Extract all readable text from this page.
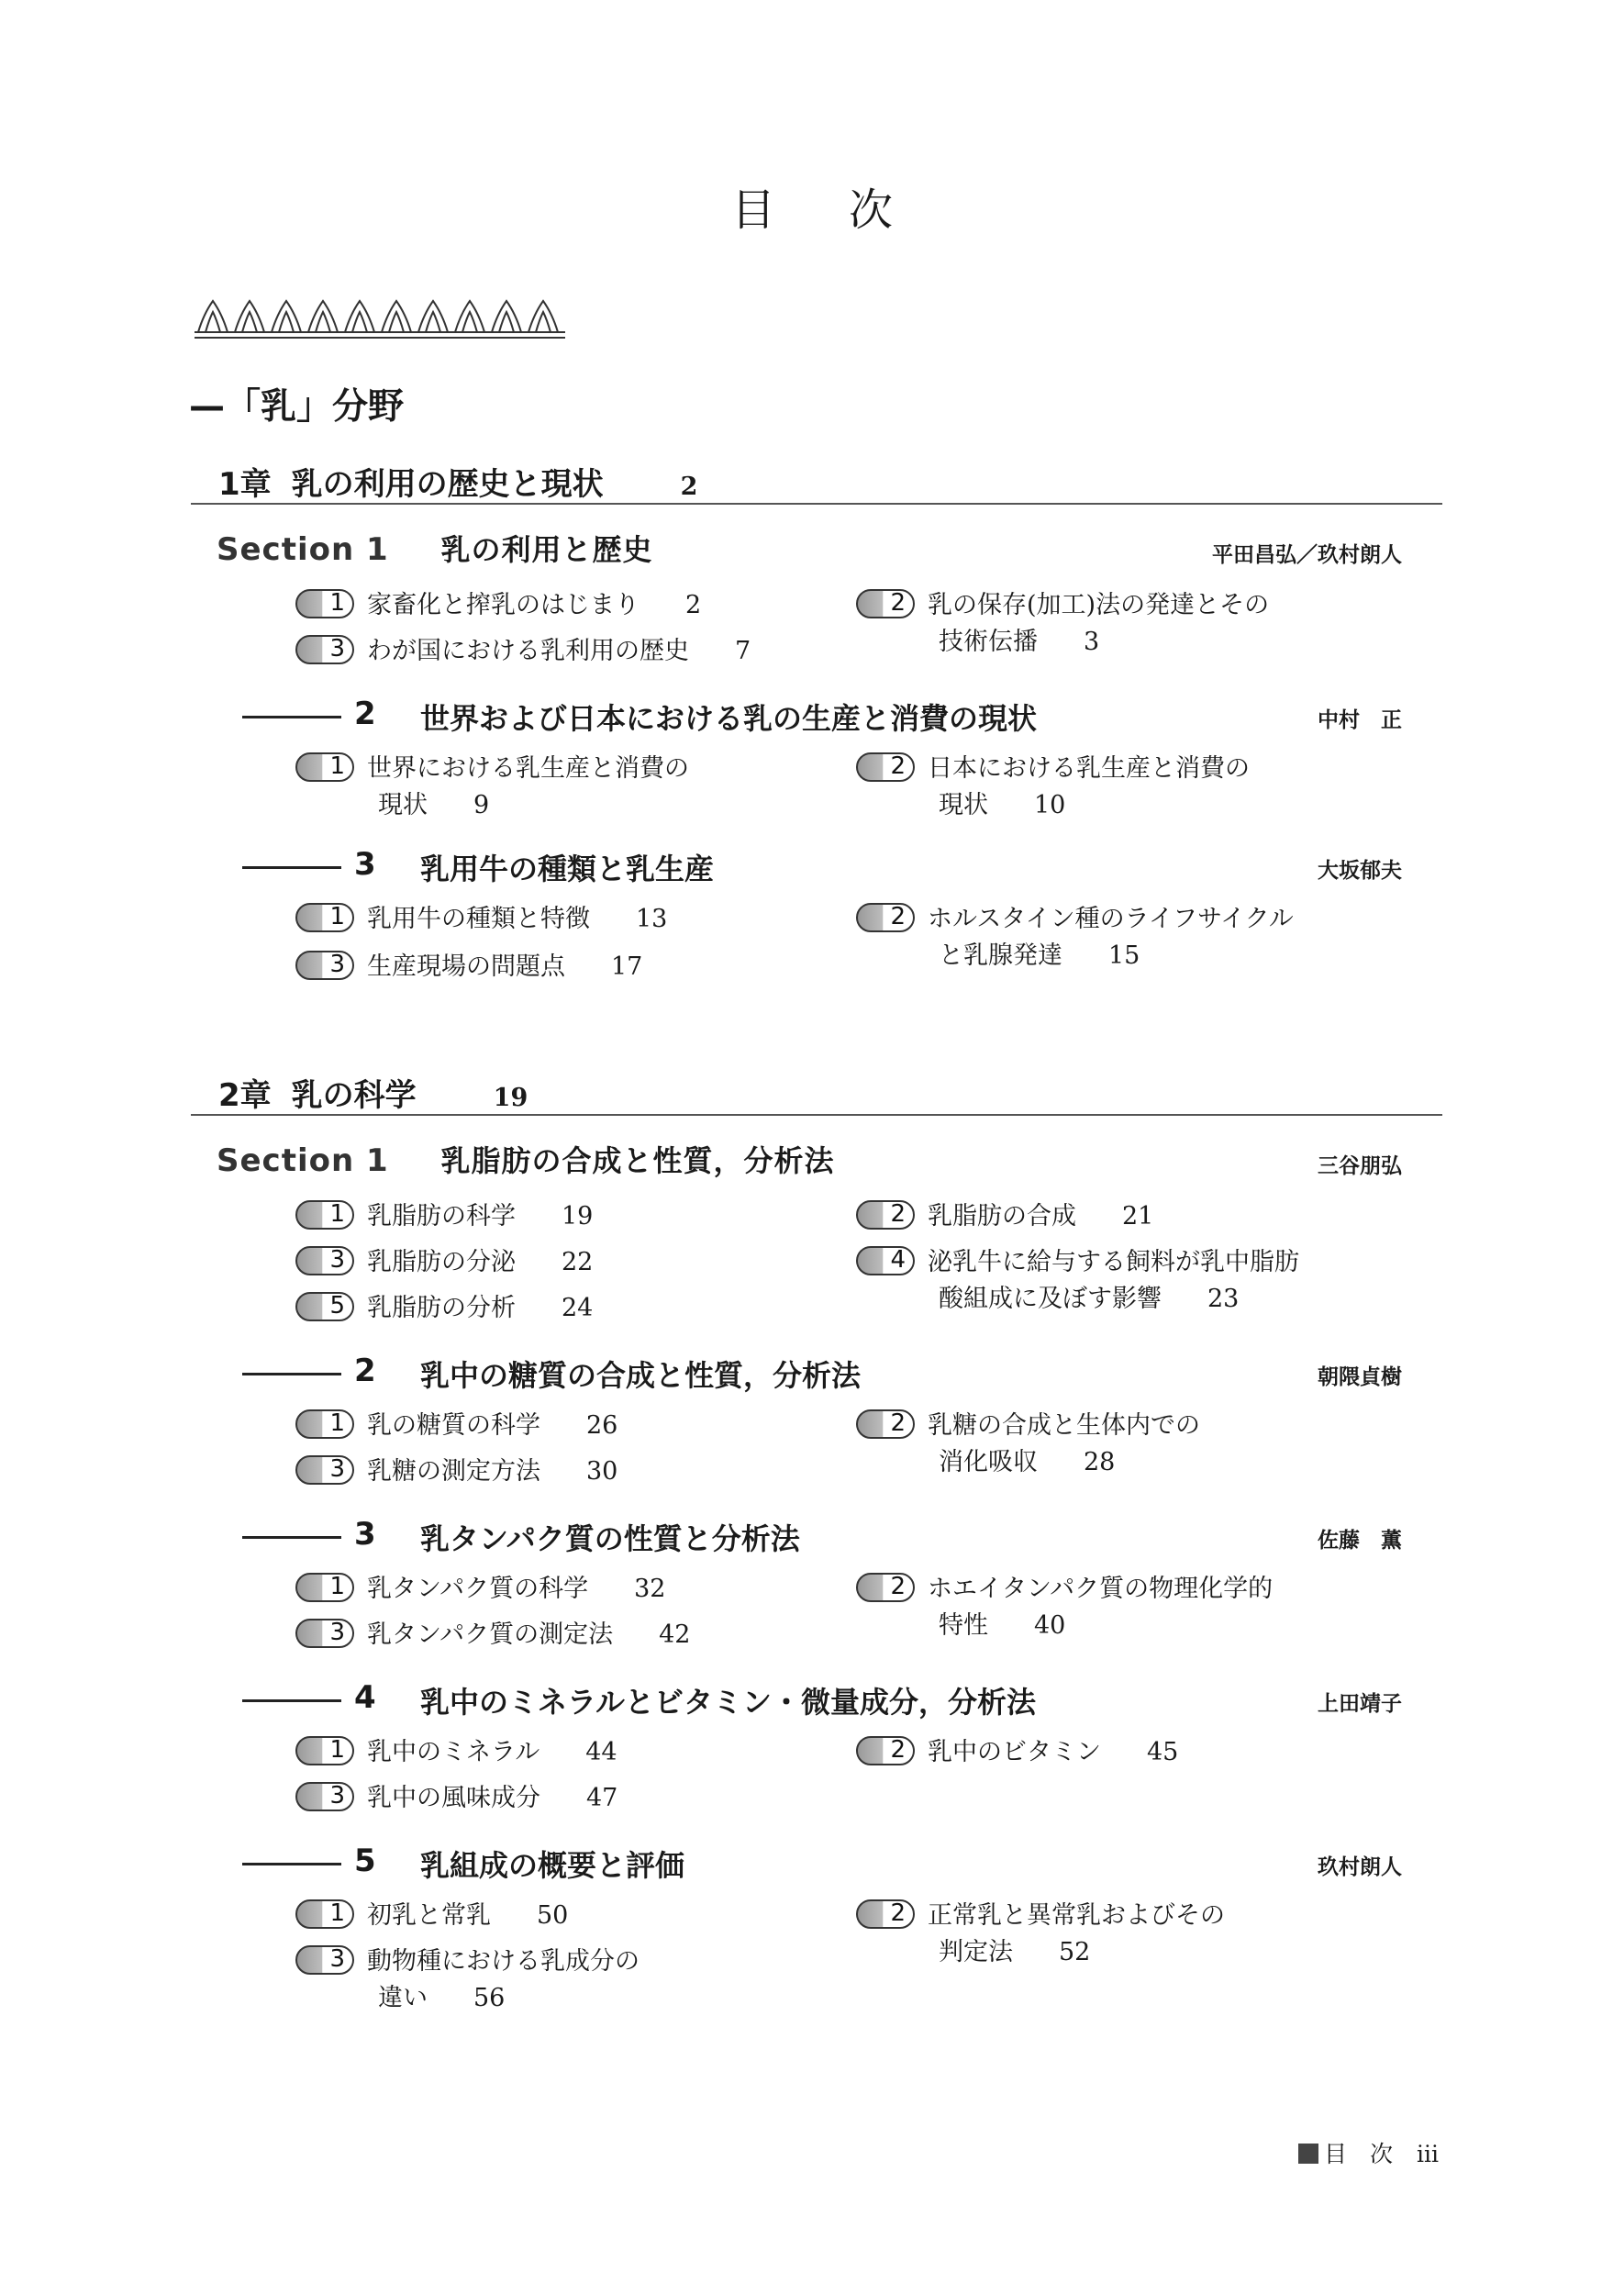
目 次
—「乳」分野
1章 乳の利用の歴史と現状	2
Section 1 乳の利用と歴史	平田昌弘／玖村朗人
1 家畜化と搾乳のはじまり 2	2 乳の保存(加工)法の発達とその
技術伝播 3
3 わが国における乳利用の歴史 7
2 世界および日本における乳の生産と消費の現状	中村　正
1 世界における乳生産と消費の
現状 9
2 日本における乳生産と消費の
現状 10
3 乳用牛の種類と乳生産	大坂郁夫
1 乳用牛の種類と特徴 13	2 ホルスタイン種のライフサイクル
と乳腺発達 15
3 生産現場の問題点 17
2章 乳の科学	19
Section 1 乳脂肪の合成と性質，分析法	三谷朋弘
1 乳脂肪の科学 19	2 乳脂肪の合成 21
3 乳脂肪の分泌 22	4 泌乳牛に給与する飼料が乳中脂肪
酸組成に及ぼす影響 23
5 乳脂肪の分析 24
2 乳中の糖質の合成と性質，分析法	朝隈貞樹
1 乳の糖質の科学 26	2 乳糖の合成と生体内での
消化吸収 28
3 乳糖の測定方法 30
3 乳タンパク質の性質と分析法	佐藤　薫
1 乳タンパク質の科学 32	2 ホエイタンパク質の物理化学的
特性 40
3 乳タンパク質の測定法 42
4 乳中のミネラルとビタミン・微量成分，分析法	上田靖子
1 乳中のミネラル 44	2 乳中のビタミン 45
3 乳中の風味成分 47
5 乳組成の概要と評価	玖村朗人
1 初乳と常乳 50	2 正常乳と異常乳およびその
判定法 52
3 動物種における乳成分の
違い 56
目　次 iii
